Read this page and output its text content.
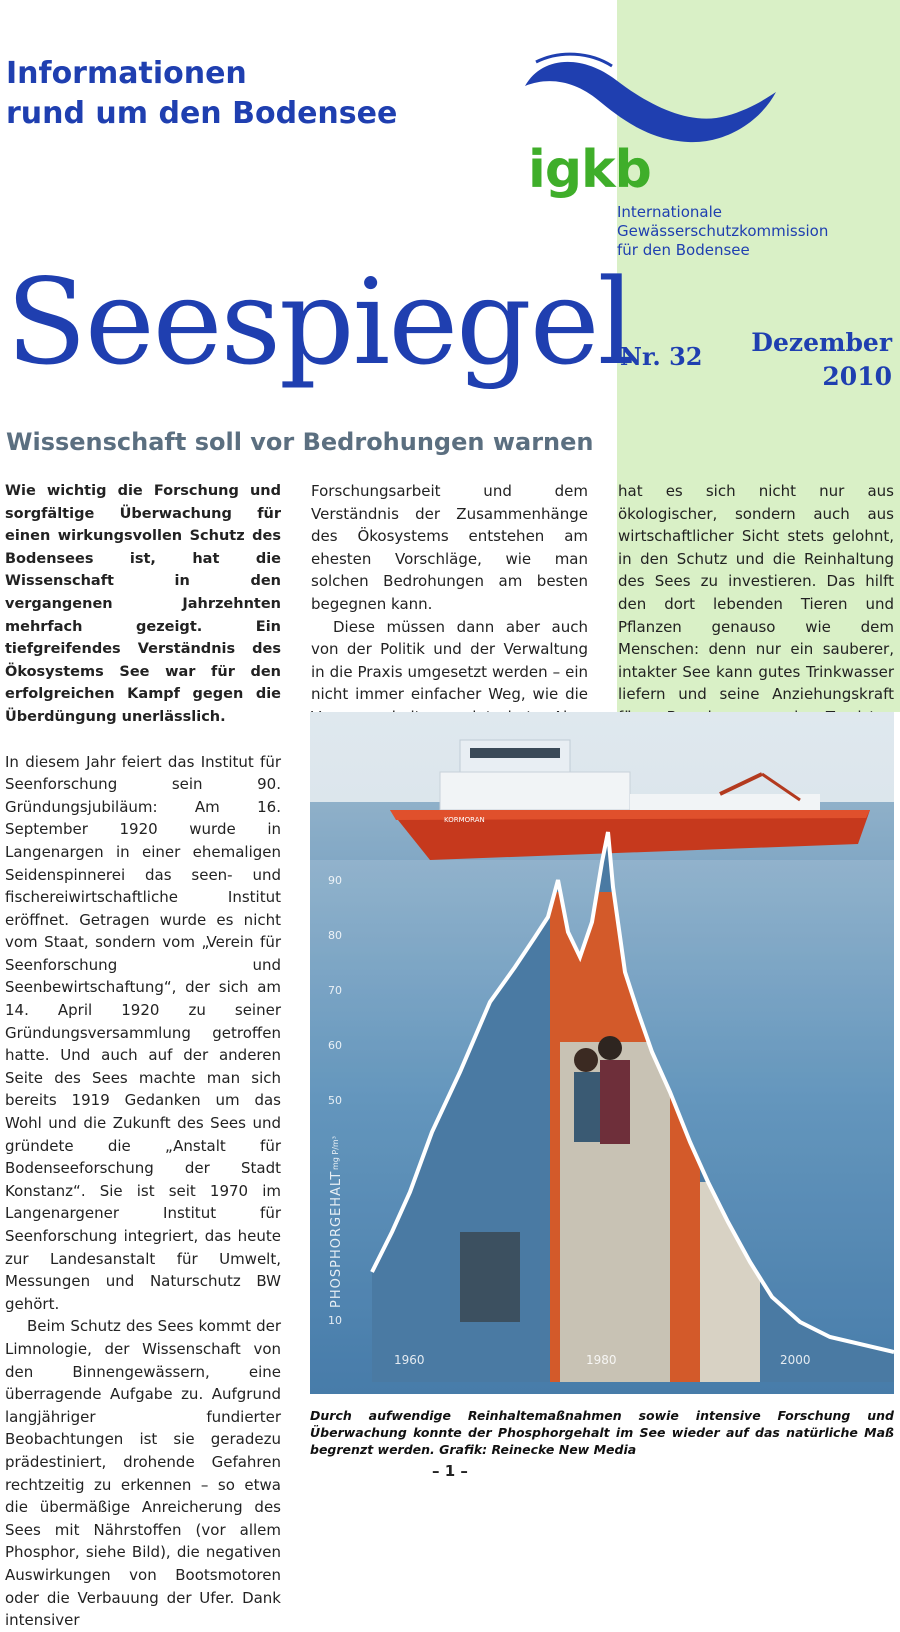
Informationen
rund um den Bodensee
igkb
Internationale
Gewässerschutzkommission
für den Bodensee
Seespiegel
Nr. 32 Dezember
2010
Wissenschaft soll vor Bedrohungen warnen

Wie wichtig die Forschung und sorgfältige Überwachung für einen wirkungsvollen Schutz des Bodensees ist, hat die Wissenschaft in den vergangenen Jahrzehnten mehrfach gezeigt. Ein tiefgreifendes Verständnis des Ökosystems See war für den erfolgreichen Kampf gegen die Überdüngung unerlässlich.

In diesem Jahr feiert das Institut für Seenforschung sein 90. Gründungsjubiläum: Am 16. September 1920 wurde in Langenargen in einer ehemaligen Seidenspinnerei das seen- und fischereiwirtschaftliche Institut eröffnet. Getragen wurde es nicht vom Staat, sondern vom „Verein für Seenforschung und Seenbewirtschaftung“, der sich am 14. April 1920 zu seiner Gründungsversammlung getroffen hatte. Und auch auf der anderen Seite des Sees machte man sich bereits 1919 Gedanken um das Wohl und die Zukunft des Sees und gründete die „Anstalt für Bodenseeforschung der Stadt Konstanz“. Sie ist seit 1970 im Langenargener Institut für Seenforschung integriert, das heute zur Landesanstalt für Umwelt, Messungen und Naturschutz BW gehört.

Beim Schutz des Sees kommt der Limnologie, der Wissenschaft von den Binnengewässern, eine überragende Aufgabe zu. Aufgrund langjähriger fundierter Beobachtungen ist sie geradezu prädestiniert, drohende Gefahren rechtzeitig zu erkennen – so etwa die übermäßige Anreicherung des Sees mit Nährstoffen (vor allem Phosphor, siehe Bild), die negativen Auswirkungen von Bootsmotoren oder die Verbauung der Ufer. Dank intensiver

Forschungsarbeit und dem Verständnis der Zusammenhänge des Ökosystems entstehen am ehesten Vorschläge, wie man solchen Bedrohungen am besten begegnen kann.

Diese müssen dann aber auch von der Politik und der Verwaltung in die Praxis umgesetzt werden – ein nicht immer einfacher Weg, wie die

hat es sich nicht nur aus ökologischer, sondern auch aus wirtschaftlicher Sicht stets gelohnt, in den Schutz und die Reinhaltung des Sees zu investieren. Das hilft den dort lebenden Tieren und Pflanzen genauso wie dem Menschen: denn nur ein sauberer, intakter See kann gutes Trinkwasser liefern und seine Anziehungskraft

KORMORAN
90
80
70
60
50
10
1960	1980	2000
PHOSPHORGEHALT
mg P/m³
Durch aufwendige Reinhaltemaßnahmen sowie intensive Forschung und Überwachung konnte der Phosphorgehalt im See wieder auf das natürliche Maß begrenzt werden. Grafik: Reinecke New Media
– 1 –
